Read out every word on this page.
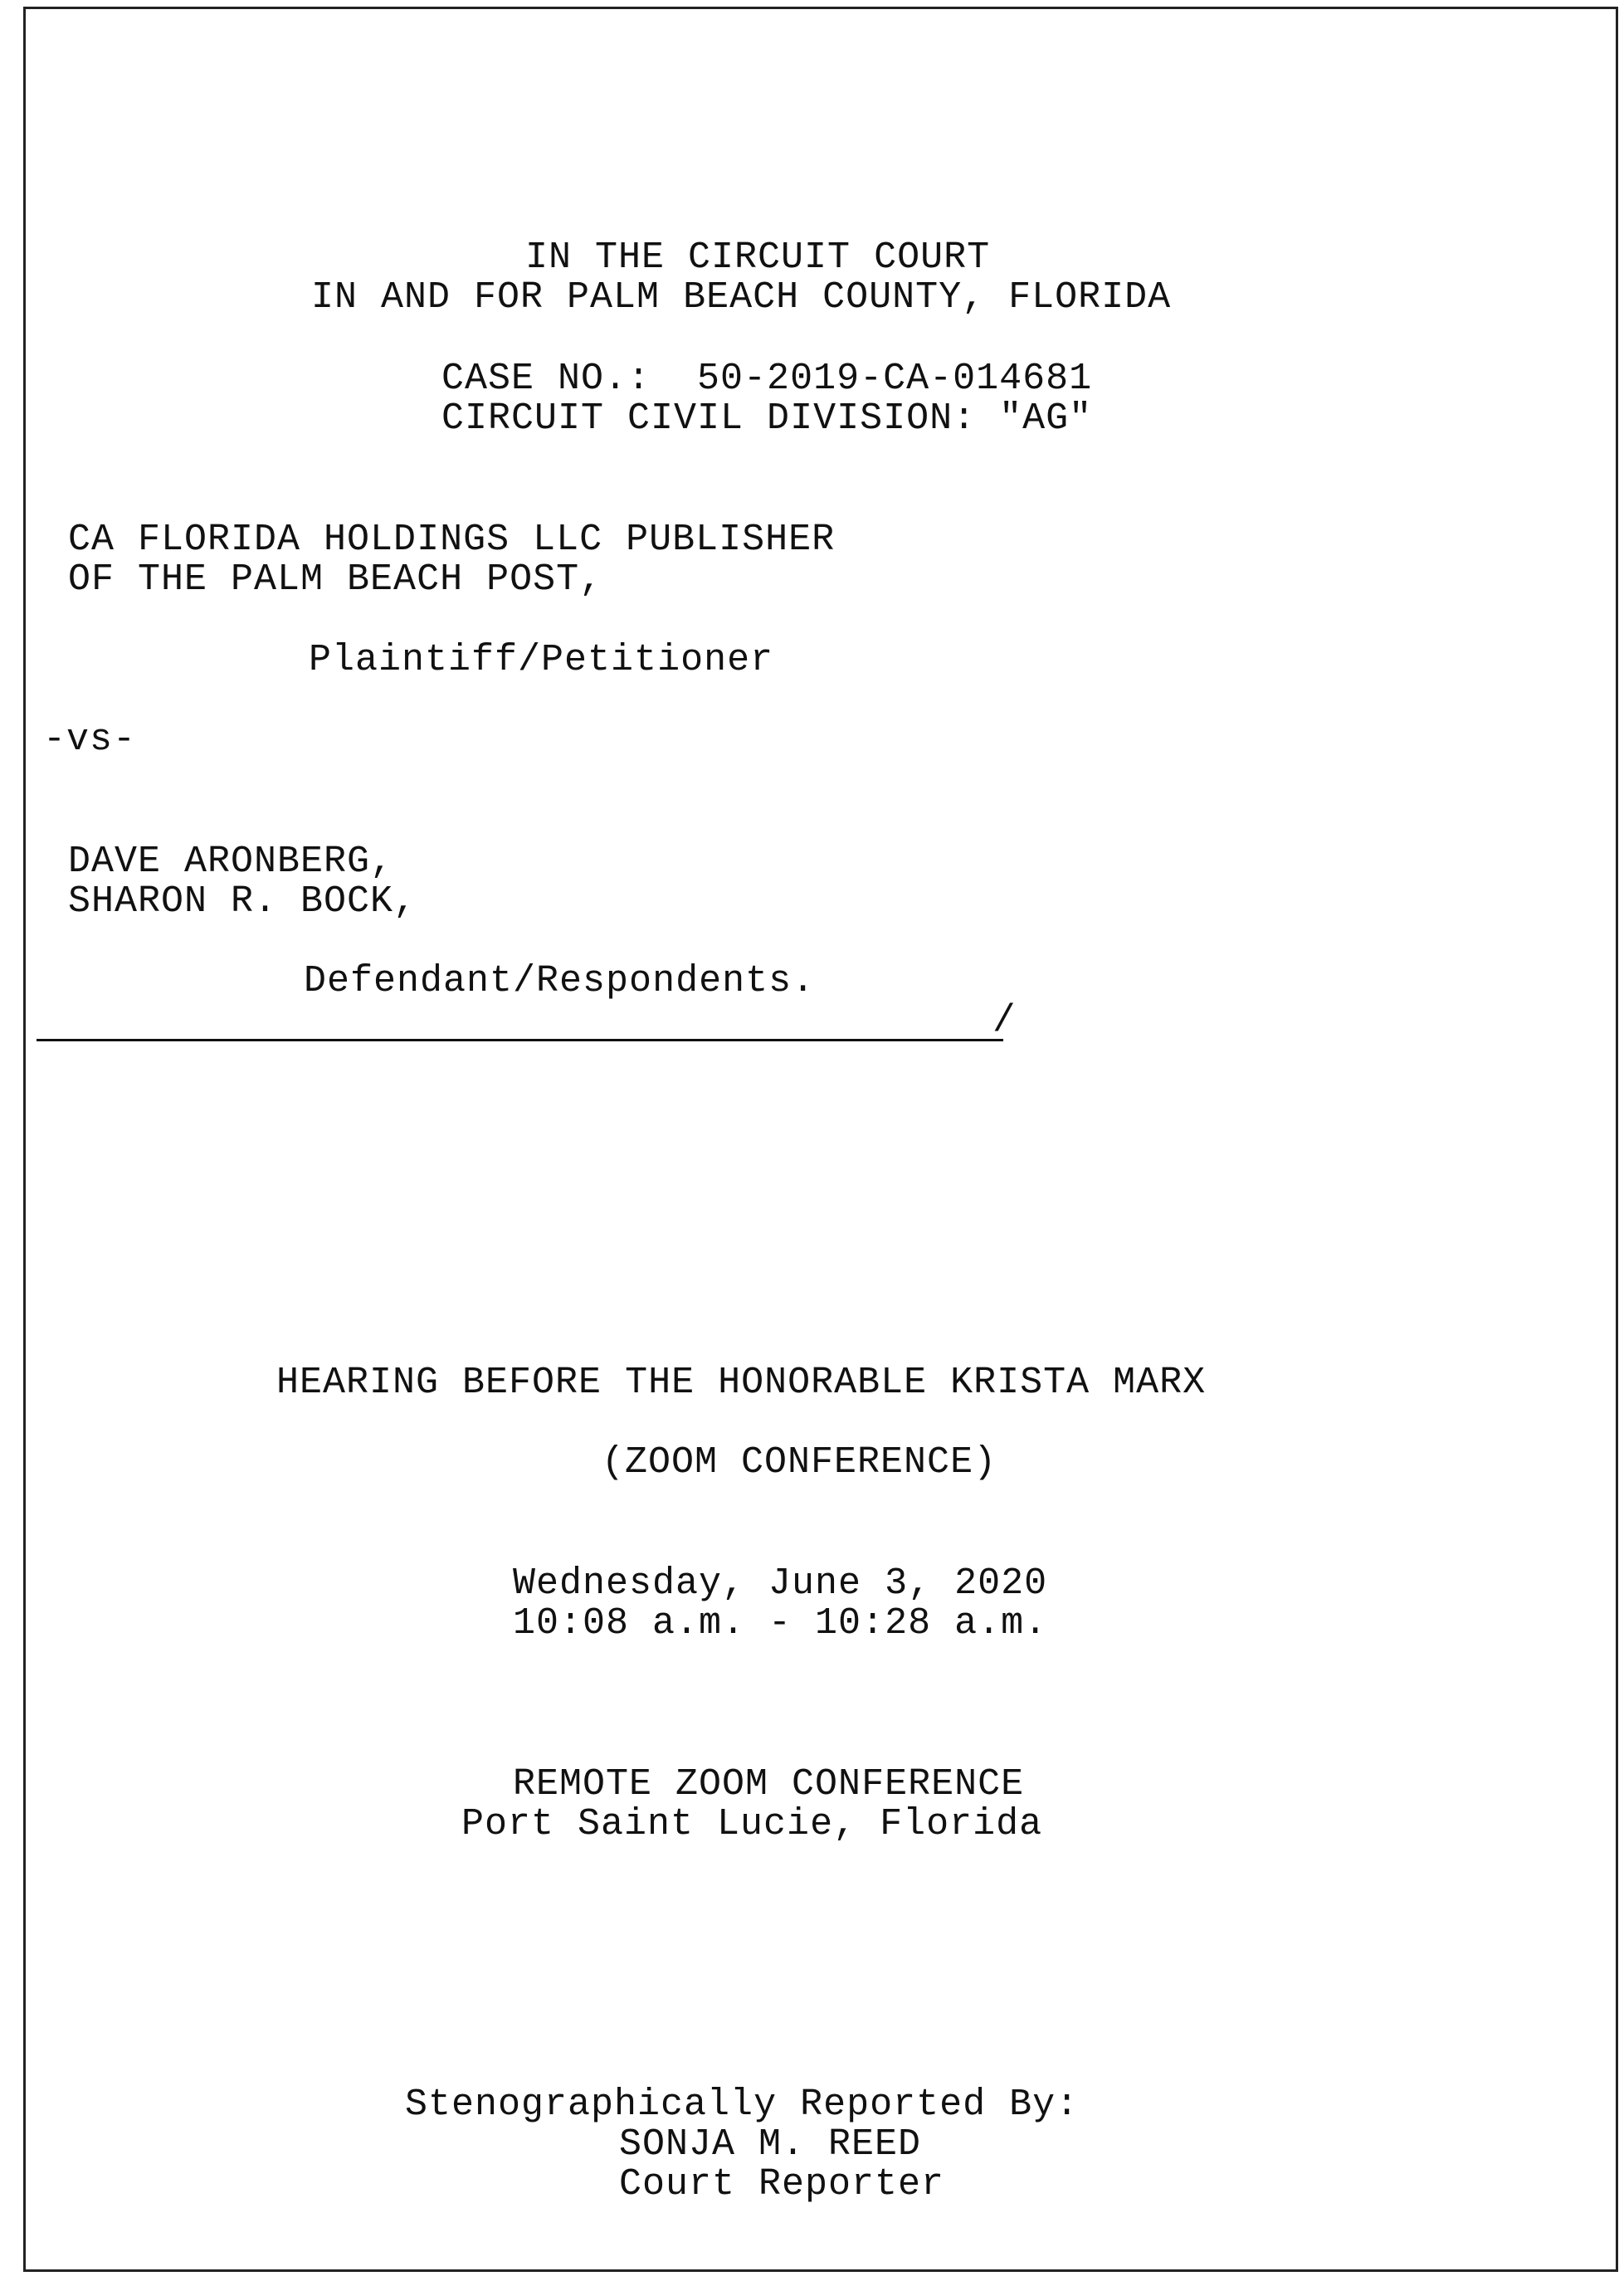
IN THE CIRCUIT COURT
IN AND FOR PALM BEACH COUNTY, FLORIDA
CASE NO.:  50-2019-CA-014681
CIRCUIT CIVIL DIVISION: "AG"
CA FLORIDA HOLDINGS LLC PUBLISHER
OF THE PALM BEACH POST,
Plaintiff/Petitioner
-vs-
DAVE ARONBERG,
SHARON R. BOCK,
Defendant/Respondents.
/
HEARING BEFORE THE HONORABLE KRISTA MARX
(ZOOM CONFERENCE)
Wednesday, June 3, 2020
10:08 a.m. - 10:28 a.m.
REMOTE ZOOM CONFERENCE
Port Saint Lucie, Florida
Stenographically Reported By:
SONJA M. REED
Court Reporter
